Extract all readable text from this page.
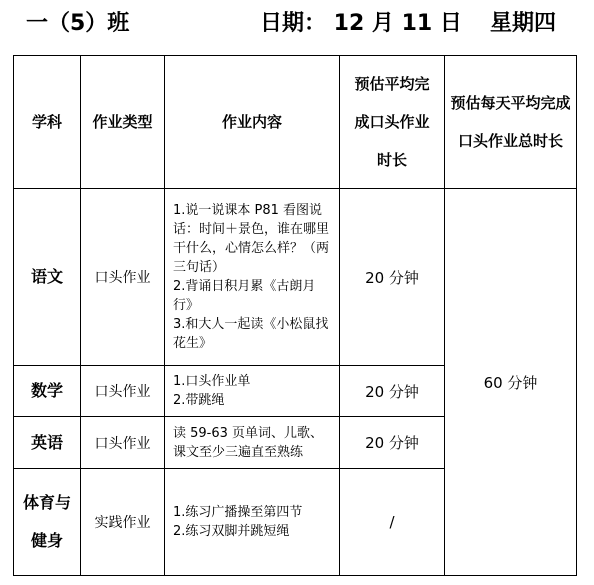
一（5）班	日期： 12 月 11 日 星期四
学科	作业类型	作业内容	预估平均完成口头作业时长	预估每天平均完成口头作业总时长
语文	口头作业	1.说一说课本 P81 看图说话：时间＋景色，谁在哪里干什么，心情怎么样？（两三句话）
2.背诵日积月累《古朗月行》
3.和大人一起读《小松鼠找花生》	20 分钟	60 分钟
数学	口头作业	1.口头作业单
2.带跳绳	20 分钟	
英语	口头作业	读 59-63 页单词、儿歌、课文至少三遍直至熟练	20 分钟	
体育与健身	实践作业	1.练习广播操至第四节
2.练习双脚并跳短绳	/	
